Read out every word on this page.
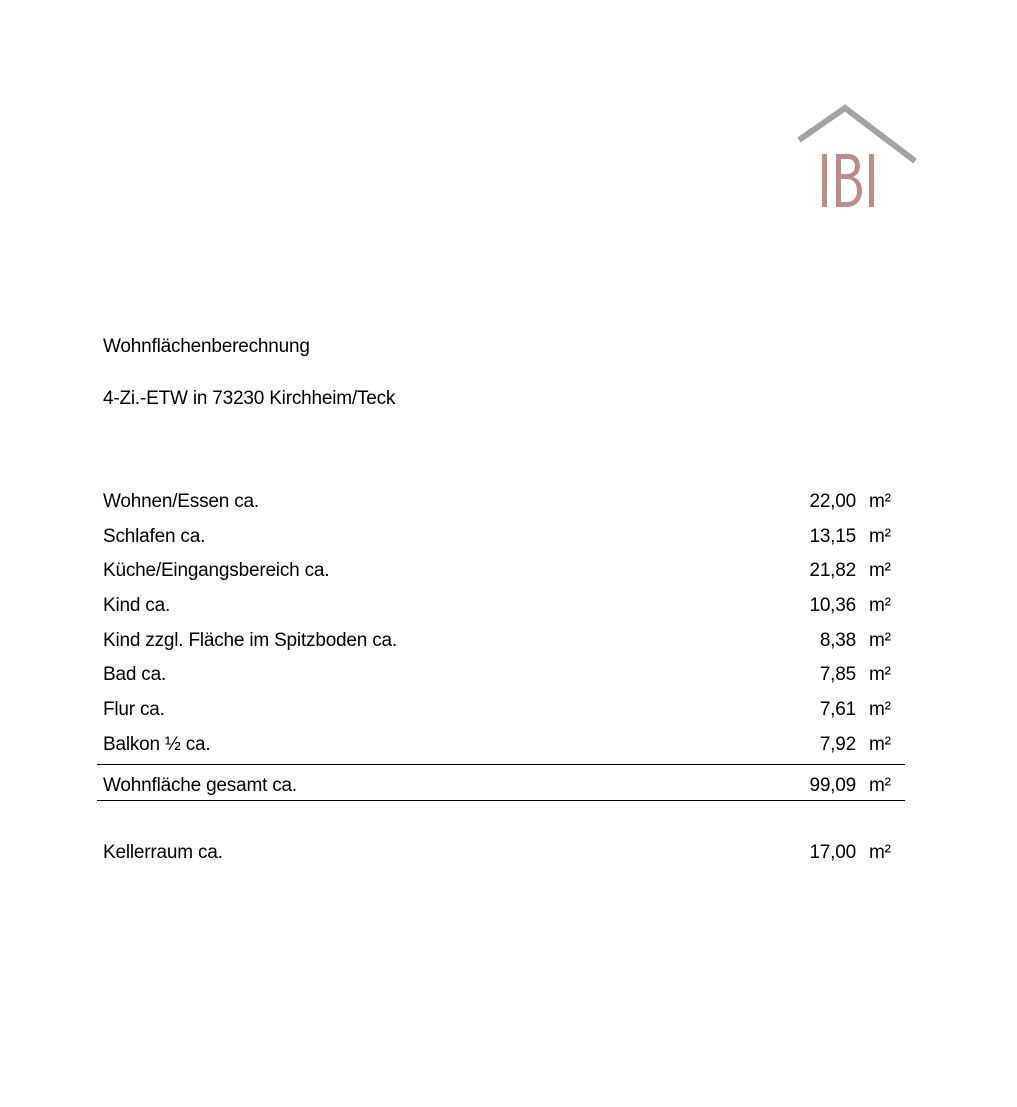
Wohnflächenberechnung
4-Zi.-ETW in 73230 Kirchheim/Teck
Wohnen/Essen ca.	22,00 m²
Schlafen ca.	13,15 m²
Küche/Eingangsbereich ca.	21,82 m²
Kind ca.	10,36 m²
Kind zzgl. Fläche im Spitzboden ca.	8,38 m²
Bad ca.	7,85 m²
Flur ca.	7,61 m²
Balkon ½ ca.	7,92 m²
Wohnfläche gesamt ca.	99,09 m²
Kellerraum ca.	17,00 m²
